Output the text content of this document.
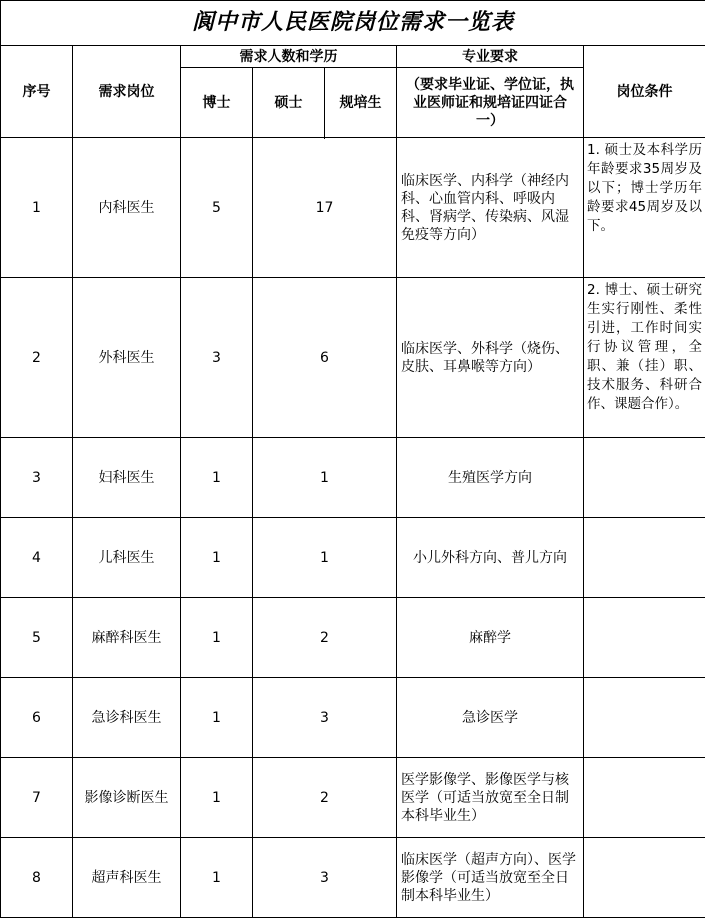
阆中市人民医院岗位需求一览表						
序号	需求岗位	需求人数和学历			专业要求	岗位条件
		博士	硕士	规培生	（要求毕业证、学位证，执业医师证和规培证四证合一）	

1	内科医生	5	17		临床医学、内科学（神经内科、心血管内科、呼吸内科、肾病学、传染病、风湿免疫等方向）	1. 硕士及本科学历年龄要求35周岁及以下；博士学历年龄要求45周岁及以下。
2	外科医生	3	6		临床医学、外科学（烧伤、皮肤、耳鼻喉等方向）	2. 博士、硕士研究生实行刚性、柔性引进，工作时间实行协议管理，全职、兼（挂）职、技术服务、科研合作、课题合作）。
3	妇科医生	1	1		生殖医学方向	
4	儿科医生	1	1		小儿外科方向、普儿方向	
5	麻醉科医生	1	2		麻醉学	
6	急诊科医生	1	3		急诊医学	
7	影像诊断医生	1	2		医学影像学、影像医学与核医学（可适当放宽至全日制本科毕业生）	
8	超声科医生	1	3		临床医学（超声方向）、医学影像学（可适当放宽至全日制本科毕业生）	
